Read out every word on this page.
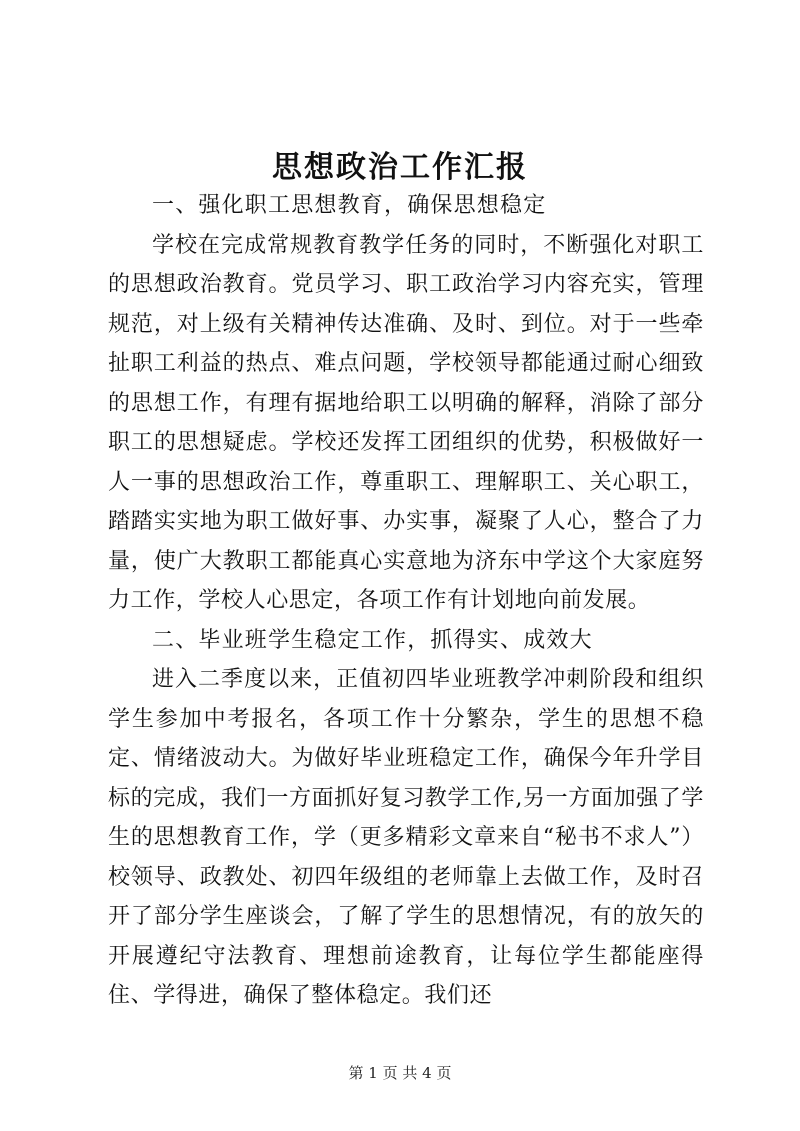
思想政治工作汇报

一、强化职工思想教育，确保思想稳定

学校在完成常规教育教学任务的同时，不断强化对职工的思想政治教育。党员学习、职工政治学习内容充实，管理规范，对上级有关精神传达准确、及时、到位。对于一些牵扯职工利益的热点、难点问题，学校领导都能通过耐心细致的思想工作，有理有据地给职工以明确的解释，消除了部分职工的思想疑虑。学校还发挥工团组织的优势，积极做好一人一事的思想政治工作，尊重职工、理解职工、关心职工，踏踏实实地为职工做好事、办实事，凝聚了人心，整合了力量，使广大教职工都能真心实意地为济东中学这个大家庭努力工作，学校人心思定，各项工作有计划地向前发展。

二、毕业班学生稳定工作，抓得实、成效大

进入二季度以来，正值初四毕业班教学冲刺阶段和组织学生参加中考报名，各项工作十分繁杂，学生的思想不稳定、情绪波动大。为做好毕业班稳定工作，确保今年升学目标的完成，我们一方面抓好复习教学工作,另一方面加强了学生的思想教育工作，学（更多精彩文章来自“秘书不求人”）校领导、政教处、初四年级组的老师靠上去做工作，及时召开了部分学生座谈会，了解了学生的思想情况，有的放矢的开展遵纪守法教育、理想前途教育，让每位学生都能座得住、学得进，确保了整体稳定。我们还

第 1 页 共 4 页
